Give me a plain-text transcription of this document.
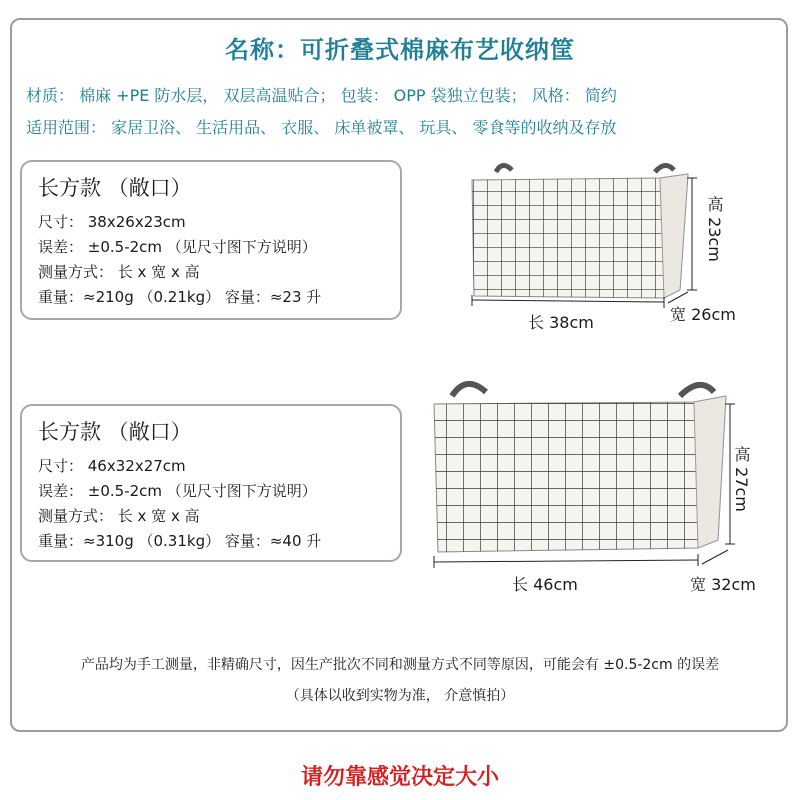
名称：可折叠式棉麻布艺收纳筐
材质： 棉麻 +PE 防水层， 双层高温贴合； 包装： OPP 袋独立包装； 风格： 简约
适用范围： 家居卫浴、 生活用品、 衣服、 床单被罩、 玩具、 零食等的收纳及存放
长方款 （敞口）
尺寸： 38x26x23cm
误差： ±0.5-2cm （见尺寸图下方说明）
测量方式： 长 x 宽 x 高
重量：≈210g （0.21kg） 容量：≈23 升
长方款 （敞口）
尺寸： 46x32x27cm
误差： ±0.5-2cm （见尺寸图下方说明）
测量方式： 长 x 宽 x 高
重量：≈310g （0.31kg） 容量：≈40 升
长 38cm	宽 26cm
高 23cm
长 46cm	宽 32cm
高 27cm
产品均为手工测量，非精确尺寸，因生产批次不同和测量方式不同等原因，可能会有 ±0.5-2cm 的误差
（具体以收到实物为准， 介意慎拍）
请勿靠感觉决定大小
